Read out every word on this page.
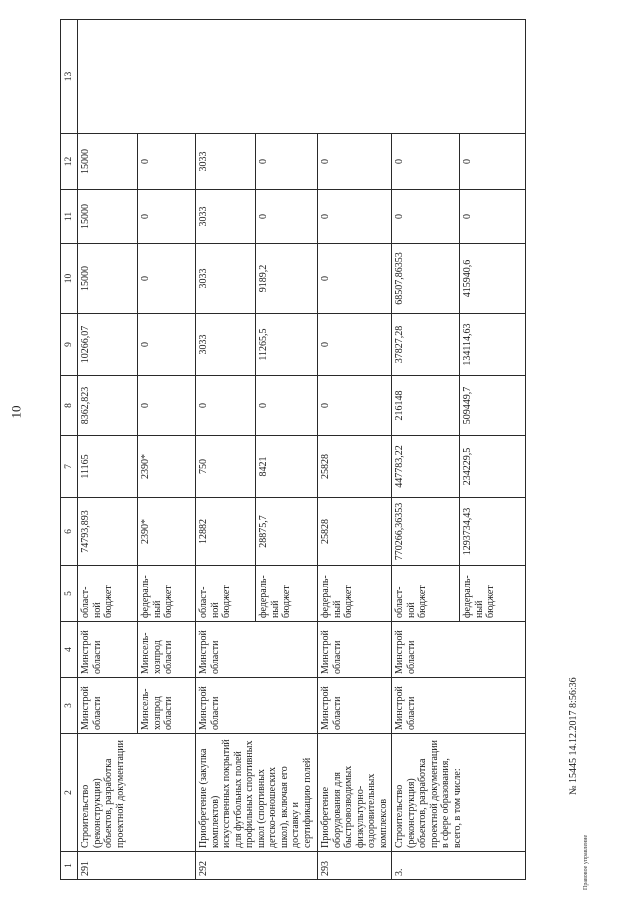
10
1	2	3	4	5	6	7	8	9	10	11	12	13
291	Строительство (реконструкция) объектов, разработка проектной документации	Минстрой области	Минстрой области	област- ной бюджет	74793,893	11165	8362,823	10266,07	15000	15000	15000	
		Минсель- хозпрод области	Минсель- хозпрод области	федераль- ный бюджет	2390*	2390*	0	0	0	0	0	
292	Приобретение (закупка комплектов) искусственных покрытий для футбольных полей профильных спортивных школ (спортивных детско-юношеских школ), включая его доставку и сертификацию полей	Минстрой области	Минстрой области	област- ной бюджет	12882	750	0	3033	3033	3033	3033	
				федераль- ный бюджет	28875,7	8421	0	11265,5	9189,2	0	0	
293	Приобретение оборудования для быстровозводимых физкультурно-оздоровительных комплексов	Минстрой области	Минстрой области	федераль- ный бюджет	25828	25828	0	0	0	0	0	
3.	Строительство (реконструкция) объектов, разработка проектной документации в сфере образования, всего, в том числе:	Минстрой области	Минстрой области	област- ной бюджет	770266,36353	447783,22	216148	37827,28	68507,86353	0	0	
				федераль- ный бюджет	1293734,43	234229,5	509449,7	134114,63	415940,6	0	0	
№ 15445 14.12.2017 8:56:36
Правовое управление
